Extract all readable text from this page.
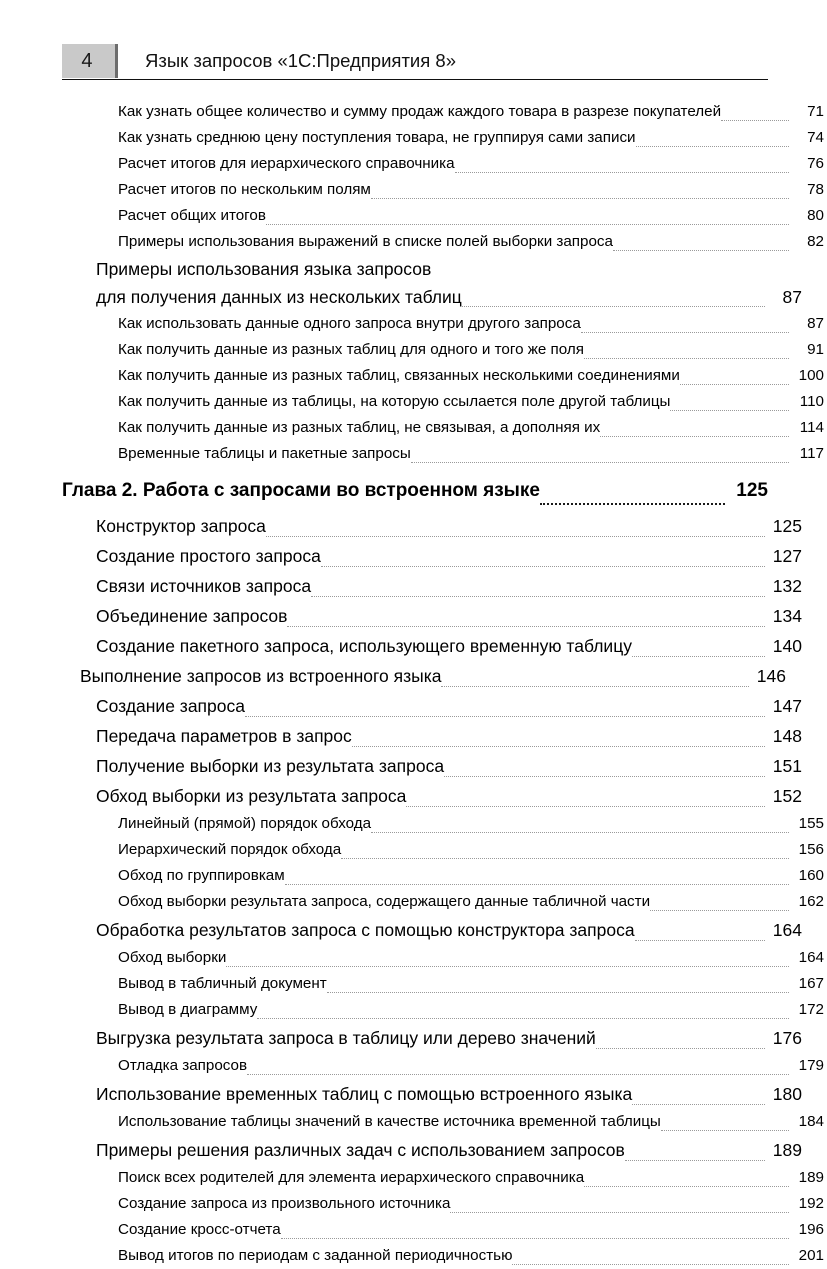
4	Язык запросов «1С:Предприятия 8»
Как узнать общее количество и сумму продаж каждого товара в разрезе покупателей	71
Как узнать среднюю цену поступления товара, не группируя сами записи	74
Расчет итогов для иерархического справочника	76
Расчет итогов по нескольким полям	78
Расчет общих итогов	80
Примеры использования выражений в списке полей выборки запроса	82
Примеры использования языка запросов
для получения данных из нескольких таблиц	87
Как использовать данные одного запроса внутри другого запроса	87
Как получить данные из разных таблиц для одного и того же поля	91
Как получить данные из разных таблиц, связанных несколькими соединениями	100
Как получить данные из таблицы, на которую ссылается поле другой таблицы	110
Как получить данные из разных таблиц, не связывая, а дополняя их	114
Временные таблицы и пакетные запросы	117
Глава 2. Работа с запросами во встроенном языке	125
Конструктор запроса	125
Создание простого запроса	127
Связи источников запроса	132
Объединение запросов	134
Создание пакетного запроса, использующего временную таблицу	140
Выполнение запросов из встроенного языка	146
Создание запроса	147
Передача параметров в запрос	148
Получение выборки из результата запроса	151
Обход выборки из результата запроса	152
Линейный (прямой) порядок обхода	155
Иерархический порядок обхода	156
Обход по группировкам	160
Обход выборки результата запроса, содержащего данные табличной части	162
Обработка результатов запроса с помощью конструктора запроса	164
Обход выборки	164
Вывод в табличный документ	167
Вывод в диаграмму	172
Выгрузка результата запроса в таблицу или дерево значений	176
Отладка запросов	179
Использование временных таблиц с помощью встроенного языка	180
Использование таблицы значений в качестве источника временной таблицы	184
Примеры решения различных задач с использованием запросов	189
Поиск всех родителей для элемента иерархического справочника	189
Создание запроса из произвольного источника	192
Создание кросс-отчета	196
Вывод итогов по периодам с заданной периодичностью	201
